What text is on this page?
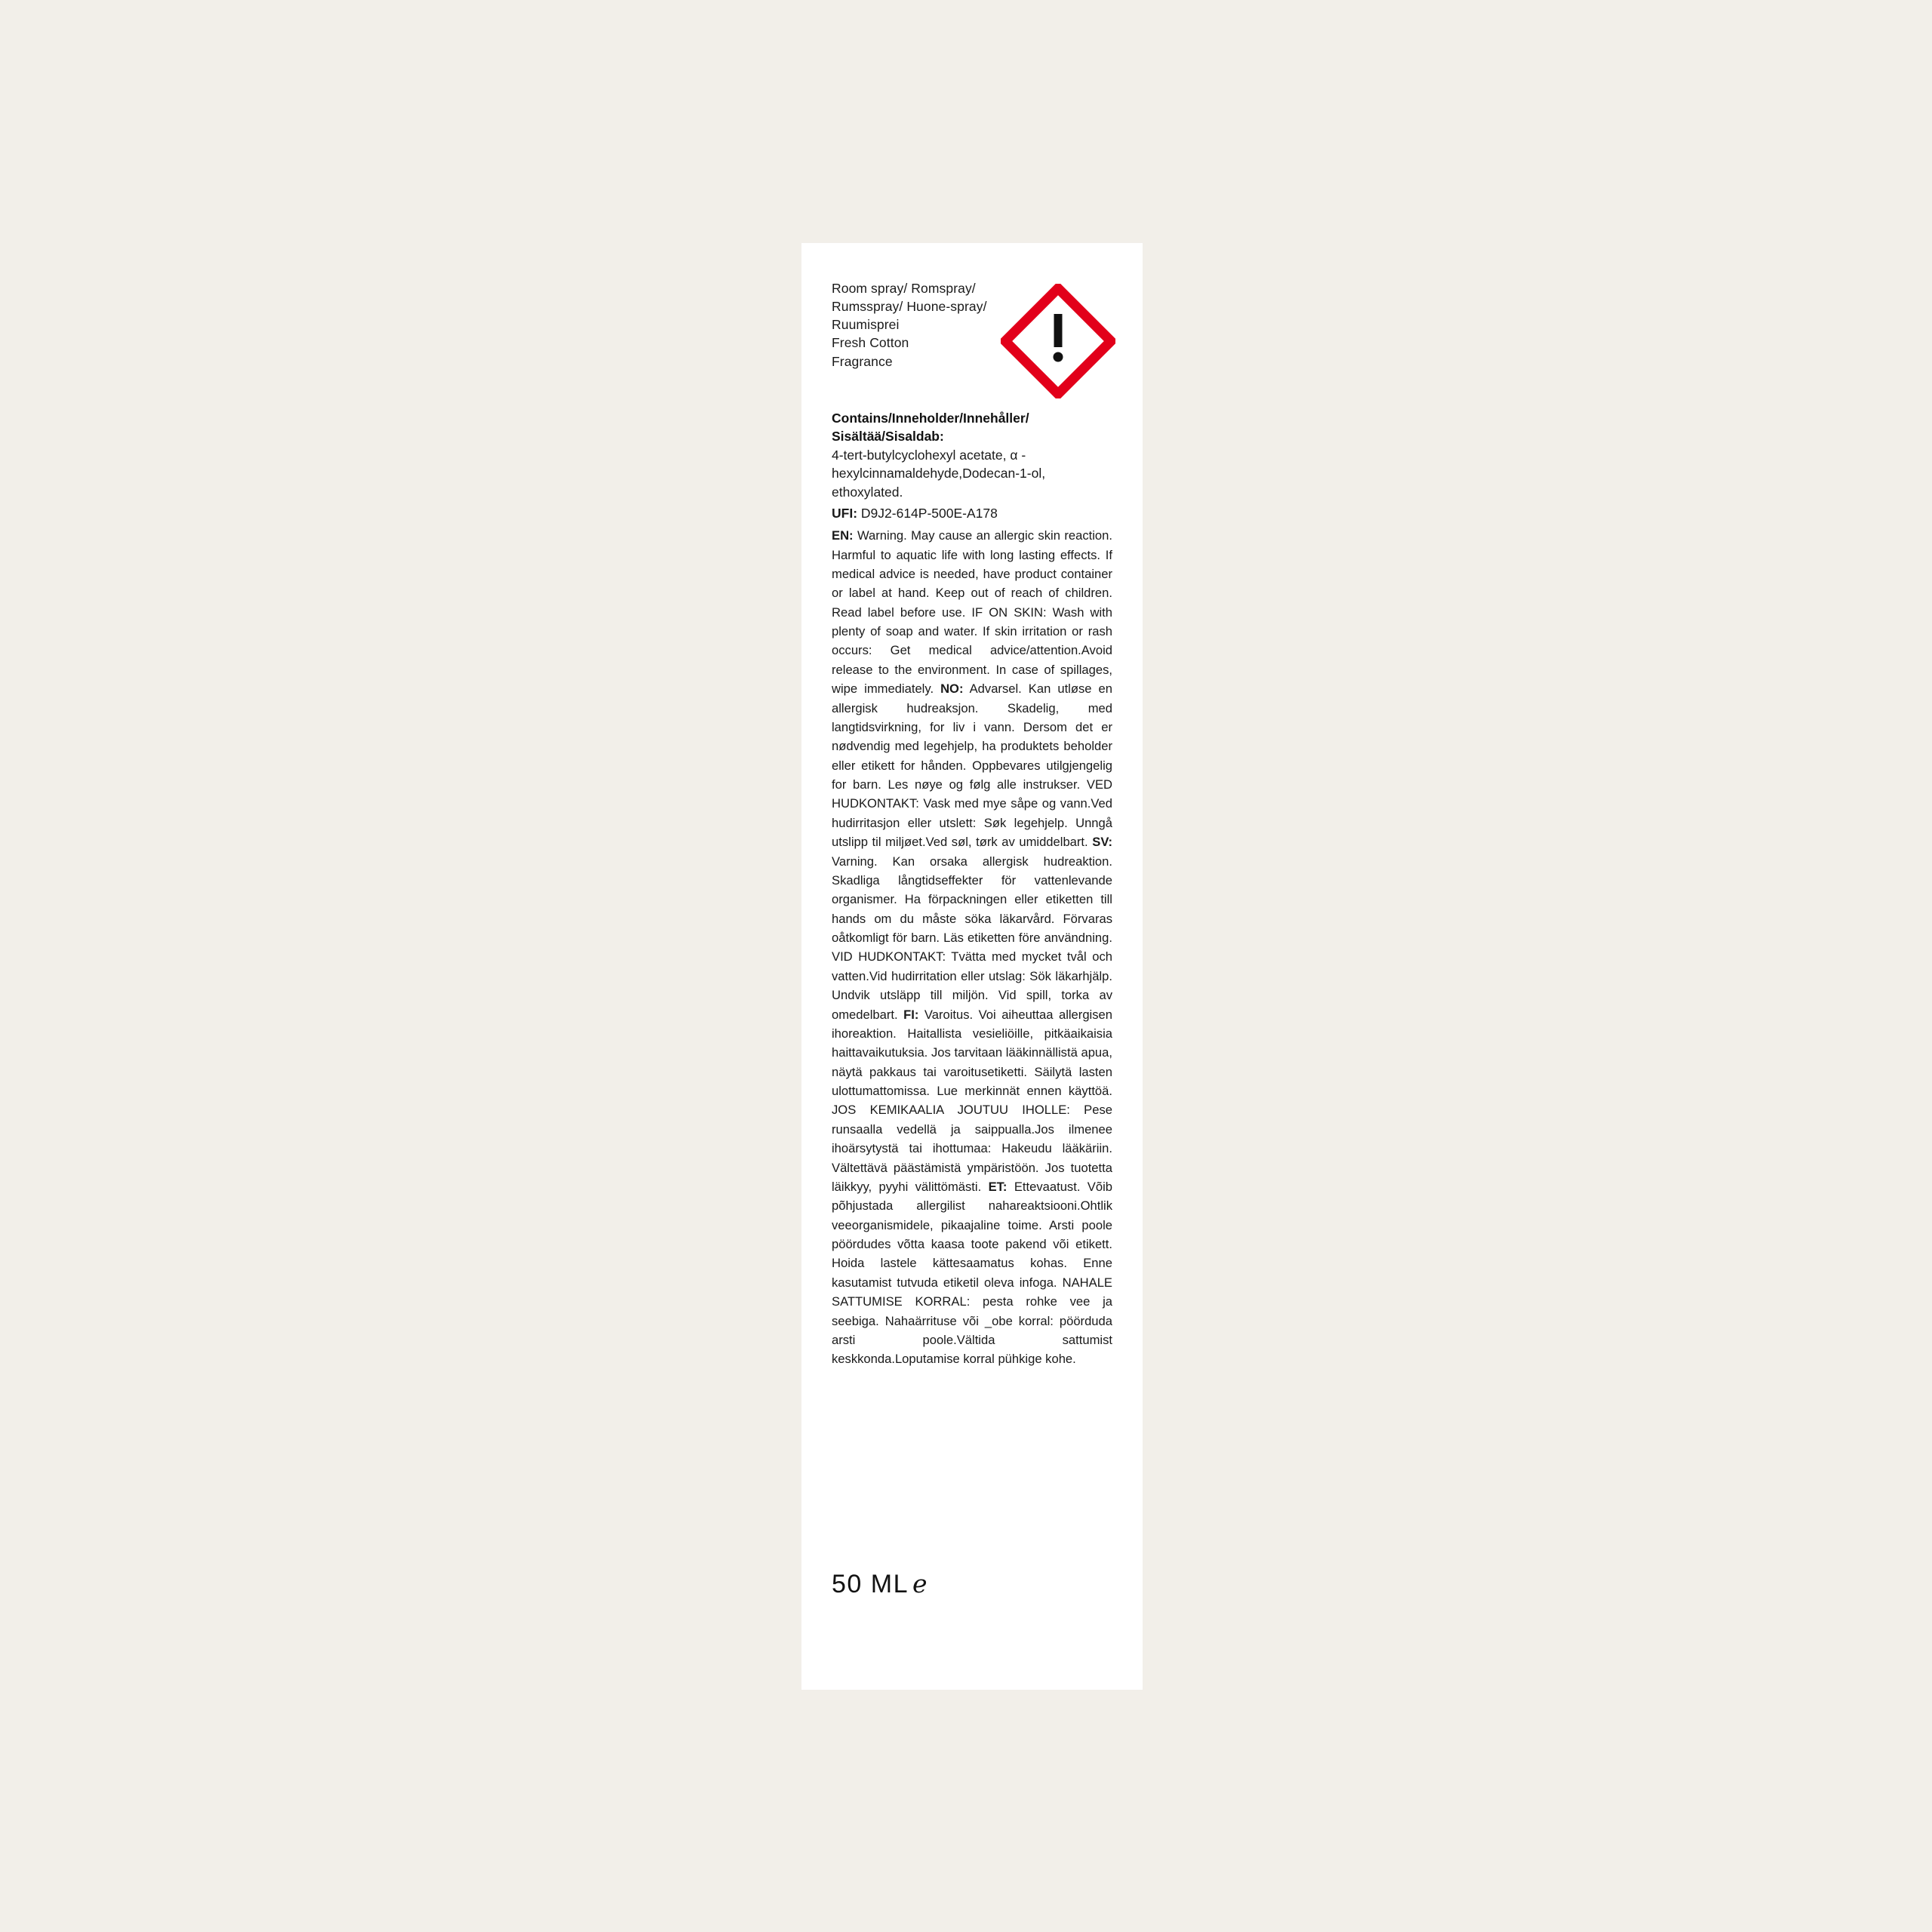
Room spray/ Romspray/
Rumsspray/ Huone-spray/
Ruumisprei
Fresh Cotton
Fragrance
Contains/Inneholder/Innehåller/
Sisältää/Sisaldab:
4-tert-butylcyclohexyl acetate, α -hexylcinnamaldehyde,Dodecan-1-ol, ethoxylated.
UFI: D9J2-614P-500E-A178
EN: Warning. May cause an allergic skin reaction. Harmful to aquatic life with long lasting effects. If medical advice is needed, have product container or label at hand. Keep out of reach of children. Read label before use. IF ON SKIN: Wash with plenty of soap and water. If skin irritation or rash occurs: Get medical advice/attention.Avoid release to the environment. In case of spillages, wipe immediately. NO: Advarsel. Kan utløse en allergisk hudreaksjon. Skadelig, med langtidsvirkning, for liv i vann. Dersom det er nødvendig med legehjelp, ha produktets beholder eller etikett for hånden. Oppbevares utilgjengelig for barn. Les nøye og følg alle instrukser. VED HUDKONTAKT: Vask med mye såpe og vann.Ved hudirritasjon eller utslett: Søk legehjelp. Unngå utslipp til miljøet.Ved søl, tørk av umiddelbart. SV: Varning. Kan orsaka allergisk hudreaktion. Skadliga långtidseffekter för vattenlevande organismer. Ha förpackningen eller etiketten till hands om du måste söka läkarvård. Förvaras oåtkomligt för barn. Läs etiketten före användning. VID HUDKONTAKT: Tvätta med mycket tvål och vatten.Vid hudirritation eller utslag: Sök läkarhjälp. Undvik utsläpp till miljön. Vid spill, torka av omedelbart. FI: Varoitus. Voi aiheuttaa allergisen ihoreaktion. Haitallista vesieliöille, pitkäaikaisia haittavaikutuksia. Jos tarvitaan lääkinnällistä apua, näytä pakkaus tai varoitusetiketti. Säilytä lasten ulottumattomissa. Lue merkinnät ennen käyttöä. JOS KEMIKAALIA JOUTUU IHOLLE: Pese runsaalla vedellä ja saippualla.Jos ilmenee ihoärsytystä tai ihottumaa: Hakeudu lääkäriin. Vältettävä päästämistä ympäristöön. Jos tuotetta läikkyy, pyyhi välittömästi. ET: Ettevaatust. Võib põhjustada allergilist nahareaktsiooni.Ohtlik veeorganismidele, pikaajaline toime. Arsti poole pöördudes võtta kaasa toote pakend või etikett. Hoida lastele kättesaamatus kohas. Enne kasutamist tutvuda etiketil oleva infoga. NAHALE SATTUMISE KORRAL: pesta rohke vee ja seebiga. Nahaärrituse või _obe korral: pöörduda arsti poole.Vältida sattumist keskkonda.Loputamise korral pühkige kohe.
50 ML e
